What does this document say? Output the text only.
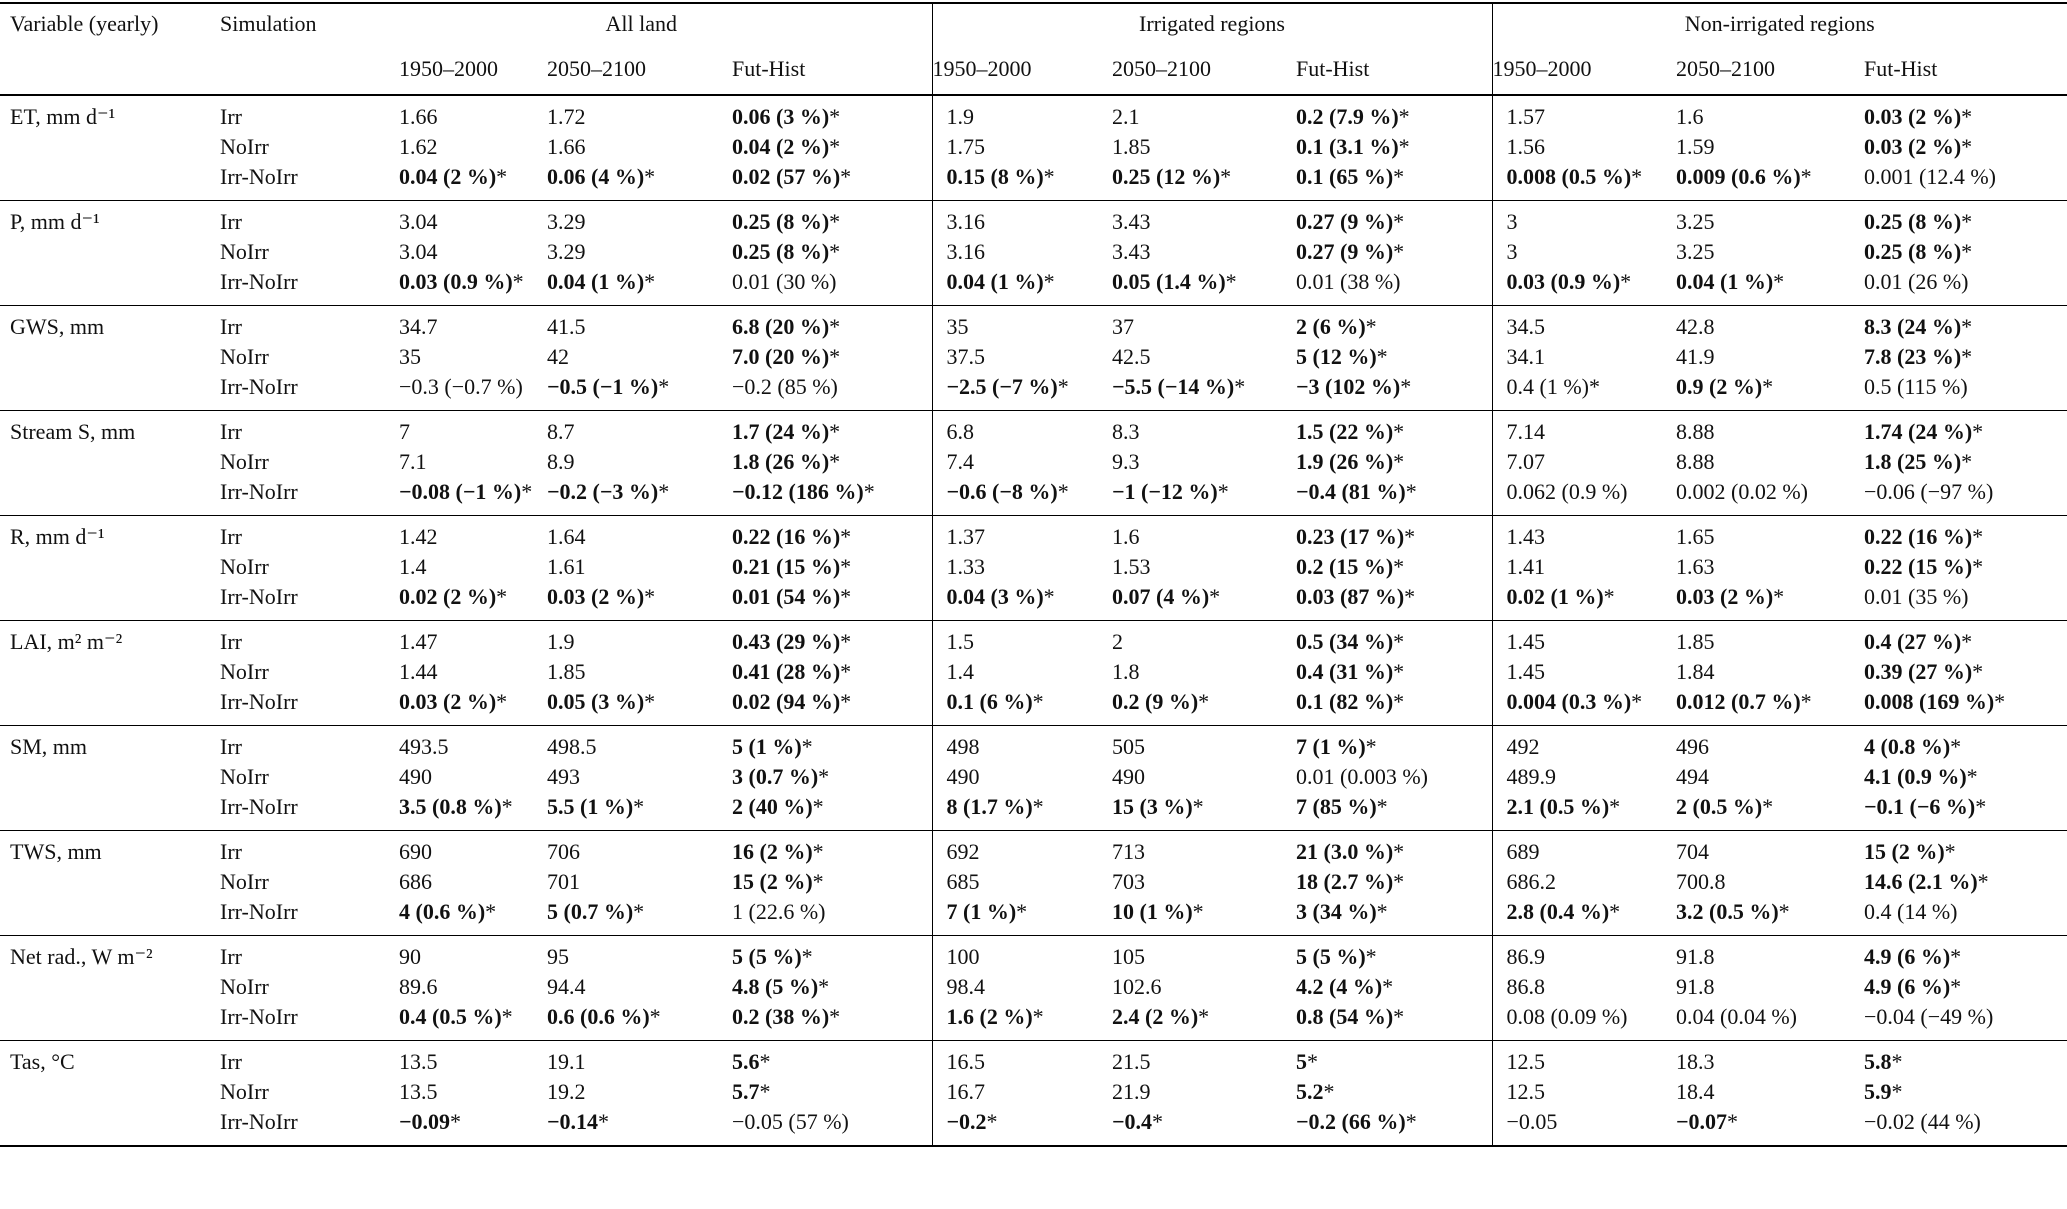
Variable (yearly)	Simulation	All land			Irrigated regions			Non-irrigated regions		
		1950–2000	2050–2100	Fut-Hist	1950–2000	2050–2100	Fut-Hist	1950–2000	2050–2100	Fut-Hist
ET, mm d⁻¹	Irr	1.66	1.72	0.06 (3 %)*	1.9	2.1	0.2 (7.9 %)*	1.57	1.6	0.03 (2 %)*
	NoIrr	1.62	1.66	0.04 (2 %)*	1.75	1.85	0.1 (3.1 %)*	1.56	1.59	0.03 (2 %)*
	Irr-NoIrr	0.04 (2 %)*	0.06 (4 %)*	0.02 (57 %)*	0.15 (8 %)*	0.25 (12 %)*	0.1 (65 %)*	0.008 (0.5 %)*	0.009 (0.6 %)*	0.001 (12.4 %)
P, mm d⁻¹	Irr	3.04	3.29	0.25 (8 %)*	3.16	3.43	0.27 (9 %)*	3	3.25	0.25 (8 %)*
	NoIrr	3.04	3.29	0.25 (8 %)*	3.16	3.43	0.27 (9 %)*	3	3.25	0.25 (8 %)*
	Irr-NoIrr	0.03 (0.9 %)*	0.04 (1 %)*	0.01 (30 %)	0.04 (1 %)*	0.05 (1.4 %)*	0.01 (38 %)	0.03 (0.9 %)*	0.04 (1 %)*	0.01 (26 %)
GWS, mm	Irr	34.7	41.5	6.8 (20 %)*	35	37	2 (6 %)*	34.5	42.8	8.3 (24 %)*
	NoIrr	35	42	7.0 (20 %)*	37.5	42.5	5 (12 %)*	34.1	41.9	7.8 (23 %)*
	Irr-NoIrr	−0.3 (−0.7 %)	−0.5 (−1 %)*	−0.2 (85 %)	−2.5 (−7 %)*	−5.5 (−14 %)*	−3 (102 %)*	0.4 (1 %)*	0.9 (2 %)*	0.5 (115 %)
Stream S, mm	Irr	7	8.7	1.7 (24 %)*	6.8	8.3	1.5 (22 %)*	7.14	8.88	1.74 (24 %)*
	NoIrr	7.1	8.9	1.8 (26 %)*	7.4	9.3	1.9 (26 %)*	7.07	8.88	1.8 (25 %)*
	Irr-NoIrr	−0.08 (−1 %)*	−0.2 (−3 %)*	−0.12 (186 %)*	−0.6 (−8 %)*	−1 (−12 %)*	−0.4 (81 %)*	0.062 (0.9 %)	0.002 (0.02 %)	−0.06 (−97 %)
R, mm d⁻¹	Irr	1.42	1.64	0.22 (16 %)*	1.37	1.6	0.23 (17 %)*	1.43	1.65	0.22 (16 %)*
	NoIrr	1.4	1.61	0.21 (15 %)*	1.33	1.53	0.2 (15 %)*	1.41	1.63	0.22 (15 %)*
	Irr-NoIrr	0.02 (2 %)*	0.03 (2 %)*	0.01 (54 %)*	0.04 (3 %)*	0.07 (4 %)*	0.03 (87 %)*	0.02 (1 %)*	0.03 (2 %)*	0.01 (35 %)
LAI, m² m⁻²	Irr	1.47	1.9	0.43 (29 %)*	1.5	2	0.5 (34 %)*	1.45	1.85	0.4 (27 %)*
	NoIrr	1.44	1.85	0.41 (28 %)*	1.4	1.8	0.4 (31 %)*	1.45	1.84	0.39 (27 %)*
	Irr-NoIrr	0.03 (2 %)*	0.05 (3 %)*	0.02 (94 %)*	0.1 (6 %)*	0.2 (9 %)*	0.1 (82 %)*	0.004 (0.3 %)*	0.012 (0.7 %)*	0.008 (169 %)*
SM, mm	Irr	493.5	498.5	5 (1 %)*	498	505	7 (1 %)*	492	496	4 (0.8 %)*
	NoIrr	490	493	3 (0.7 %)*	490	490	0.01 (0.003 %)	489.9	494	4.1 (0.9 %)*
	Irr-NoIrr	3.5 (0.8 %)*	5.5 (1 %)*	2 (40 %)*	8 (1.7 %)*	15 (3 %)*	7 (85 %)*	2.1 (0.5 %)*	2 (0.5 %)*	−0.1 (−6 %)*
TWS, mm	Irr	690	706	16 (2 %)*	692	713	21 (3.0 %)*	689	704	15 (2 %)*
	NoIrr	686	701	15 (2 %)*	685	703	18 (2.7 %)*	686.2	700.8	14.6 (2.1 %)*
	Irr-NoIrr	4 (0.6 %)*	5 (0.7 %)*	1 (22.6 %)	7 (1 %)*	10 (1 %)*	3 (34 %)*	2.8 (0.4 %)*	3.2 (0.5 %)*	0.4 (14 %)
Net rad., W m⁻²	Irr	90	95	5 (5 %)*	100	105	5 (5 %)*	86.9	91.8	4.9 (6 %)*
	NoIrr	89.6	94.4	4.8 (5 %)*	98.4	102.6	4.2 (4 %)*	86.8	91.8	4.9 (6 %)*
	Irr-NoIrr	0.4 (0.5 %)*	0.6 (0.6 %)*	0.2 (38 %)*	1.6 (2 %)*	2.4 (2 %)*	0.8 (54 %)*	0.08 (0.09 %)	0.04 (0.04 %)	−0.04 (−49 %)
Tas, °C	Irr	13.5	19.1	5.6*	16.5	21.5	5*	12.5	18.3	5.8*
	NoIrr	13.5	19.2	5.7*	16.7	21.9	5.2*	12.5	18.4	5.9*
	Irr-NoIrr	−0.09*	−0.14*	−0.05 (57 %)	−0.2*	−0.4*	−0.2 (66 %)*	−0.05	−0.07*	−0.02 (44 %)
